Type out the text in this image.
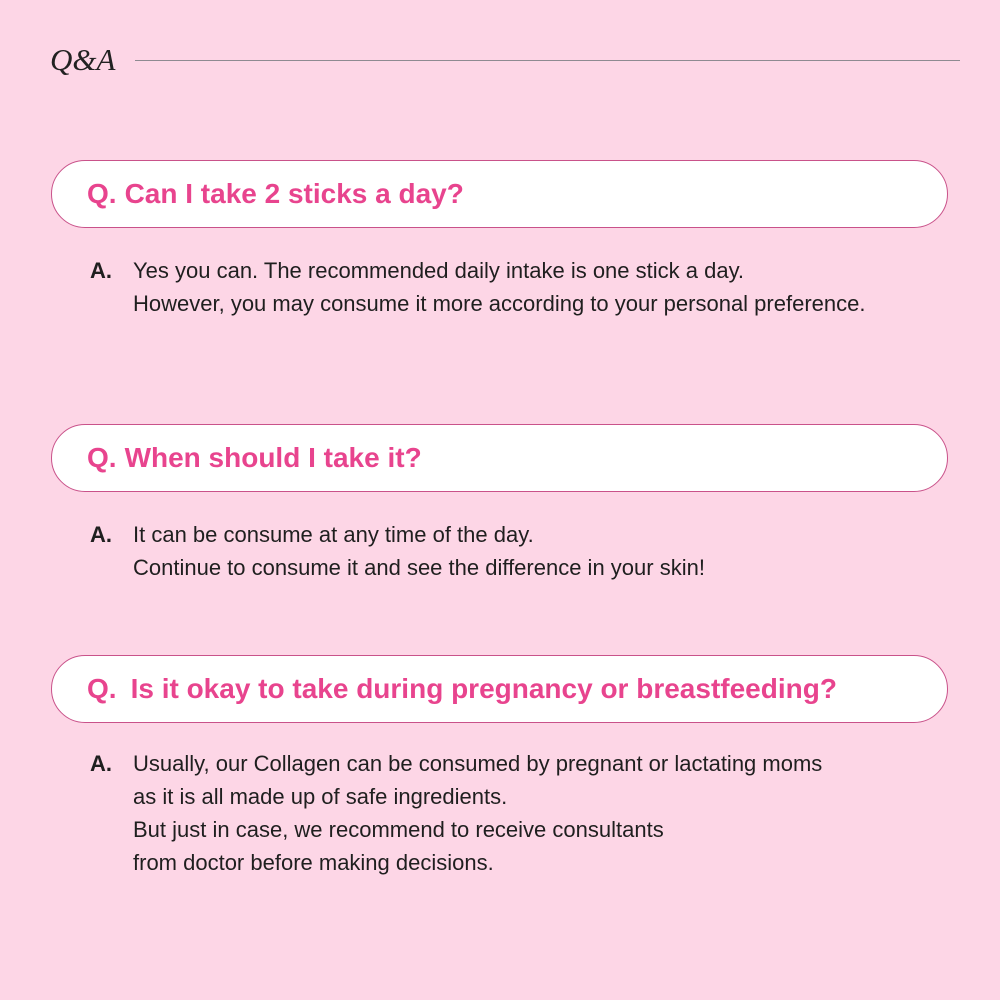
Q&A
Q. Can I take 2 sticks a day?
A. Yes you can. The recommended daily intake is one stick a day.
However, you may consume it more according to your personal preference.
Q. When should I take it?
A. It can be consume at any time of the day.
Continue to consume it and see the difference in your skin!
Q. Is it okay to take during pregnancy or breastfeeding?
A. Usually, our Collagen can be consumed by pregnant or lactating moms
as it is all made up of safe ingredients.
But just in case, we recommend to receive consultants
from doctor before making decisions.
